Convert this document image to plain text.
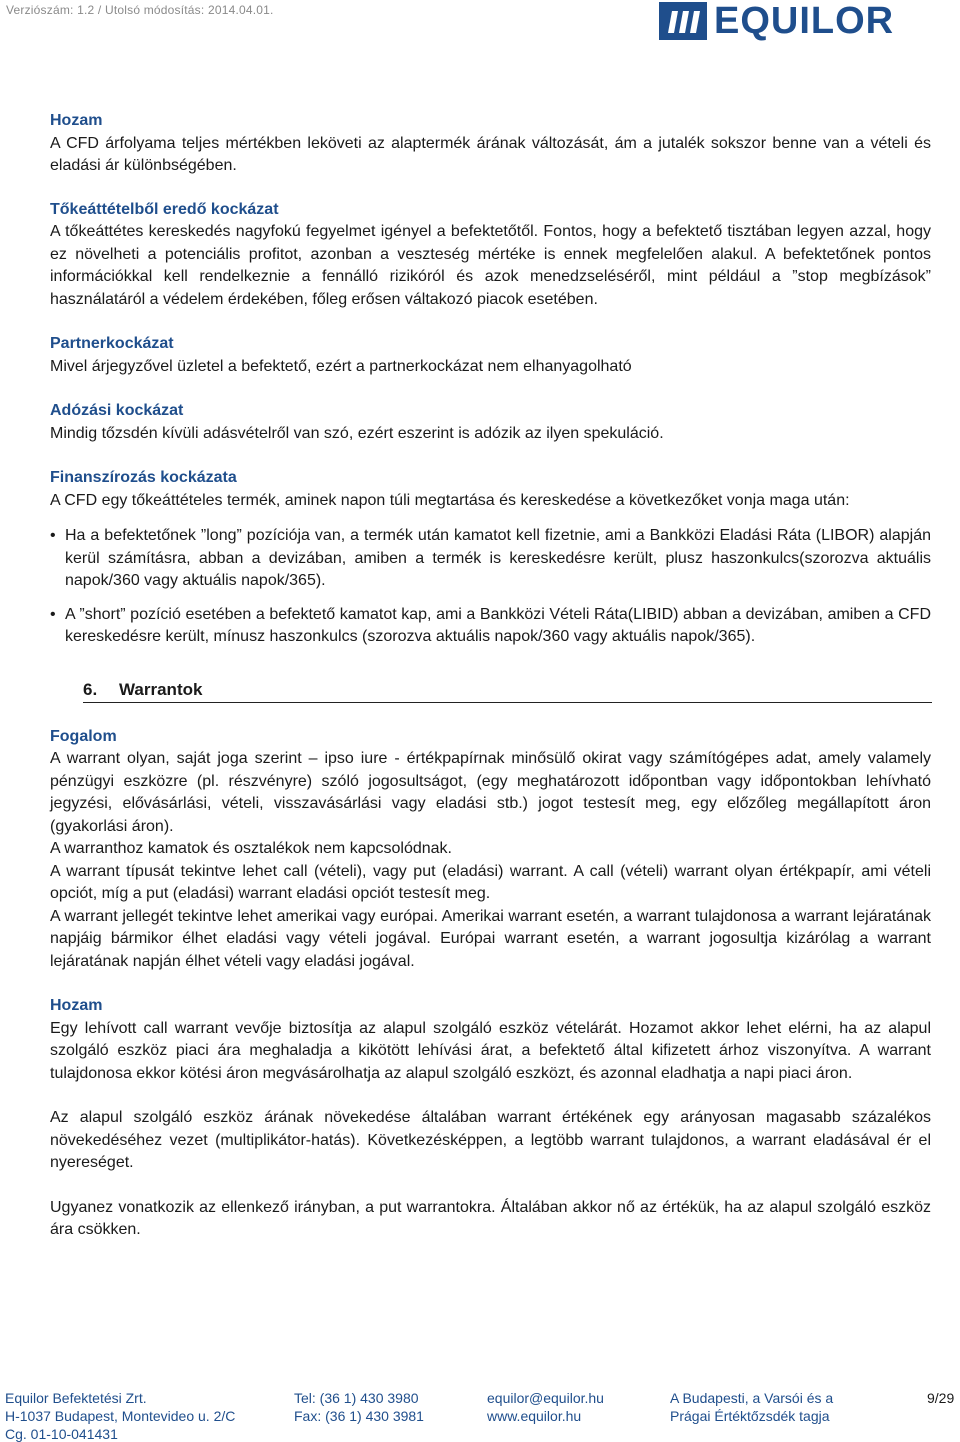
Verziószám: 1.2 / Utolsó módosítás: 2014.04.01.	EQUILOR
Hozam
A CFD árfolyama teljes mértékben leköveti az alaptermék árának változását, ám a jutalék sokszor benne van a vételi és eladási ár különbségében.
Tőkeáttételből eredő kockázat
A tőkeáttétes kereskedés nagyfokú fegyelmet igényel a befektetőtől. Fontos, hogy a befektető tisztában legyen azzal, hogy ez növelheti a potenciális profitot, azonban a veszteség mértéke is ennek megfelelően alakul. A befektetőnek pontos információkkal kell rendelkeznie a fennálló rizikóról és azok menedzseléséről, mint például a ”stop megbízások” használatáról a védelem érdekében, főleg erősen váltakozó piacok esetében.
Partnerkockázat
Mivel árjegyzővel üzletel a befektető, ezért a partnerkockázat nem elhanyagolható
Adózási kockázat
Mindig tőzsdén kívüli adásvételről van szó, ezért eszerint is adózik az ilyen spekuláció.
Finanszírozás kockázata
A CFD egy tőkeáttételes termék, aminek napon túli megtartása és kereskedése a következőket vonja maga után:
• Ha a befektetőnek ”long” pozíciója van, a termék után kamatot kell fizetnie, ami a Bankközi Eladási Ráta (LIBOR) alapján kerül számításra, abban a devizában, amiben a termék is kereskedésre került, plusz haszonkulcs(szorozva aktuális napok/360 vagy aktuális napok/365).
• A ”short” pozíció esetében a befektető kamatot kap, ami a Bankközi Vételi Ráta(LIBID) abban a devizában, amiben a CFD kereskedésre került, mínusz haszonkulcs (szorozva aktuális napok/360 vagy aktuális napok/365).
6.	Warrantok
Fogalom
A warrant olyan, saját joga szerint – ipso iure - értékpapírnak minősülő okirat vagy számítógépes adat, amely valamely pénzügyi eszközre (pl. részvényre) szóló jogosultságot, (egy meghatározott időpontban vagy időpontokban lehívható jegyzési, elővásárlási, vételi, visszavásárlási vagy eladási stb.) jogot testesít meg, egy előzőleg megállapított áron (gyakorlási áron).
A warranthoz kamatok és osztalékok nem kapcsolódnak.
A warrant típusát tekintve lehet call (vételi), vagy put (eladási) warrant. A call (vételi) warrant olyan értékpapír, ami vételi opciót, míg a put (eladási) warrant eladási opciót testesít meg.
A warrant jellegét tekintve lehet amerikai vagy európai. Amerikai warrant esetén, a warrant tulajdonosa a warrant lejáratának napjáig bármikor élhet eladási vagy vételi jogával. Európai warrant esetén, a warrant jogosultja kizárólag a warrant lejáratának napján élhet vételi vagy eladási jogával.
Hozam
Egy lehívott call warrant vevője biztosítja az alapul szolgáló eszköz vételárát. Hozamot akkor lehet elérni, ha az alapul szolgáló eszköz piaci ára meghaladja a kikötött lehívási árat, a befektető által kifizetett árhoz viszonyítva. A warrant tulajdonosa ekkor kötési áron megvásárolhatja az alapul szolgáló eszközt, és azonnal eladhatja a napi piaci áron.
Az alapul szolgáló eszköz árának növekedése általában warrant értékének egy arányosan magasabb százalékos növekedéséhez vezet (multiplikátor-hatás). Következésképpen, a legtöbb warrant tulajdonos, a warrant eladásával ér el nyereséget.
Ugyanez vonatkozik az ellenkező irányban, a put warrantokra. Általában akkor nő az értékük, ha az alapul szolgáló eszköz ára csökken.
Equilor Befektetési Zrt.
H-1037 Budapest, Montevideo u. 2/C
Cg. 01-10-041431
Tel: (36 1) 430 3980
Fax: (36 1) 430 3981
equilor@equilor.hu
www.equilor.hu
A Budapesti, a Varsói és a
Prágai Értéktőzsdék tagja
9/29
